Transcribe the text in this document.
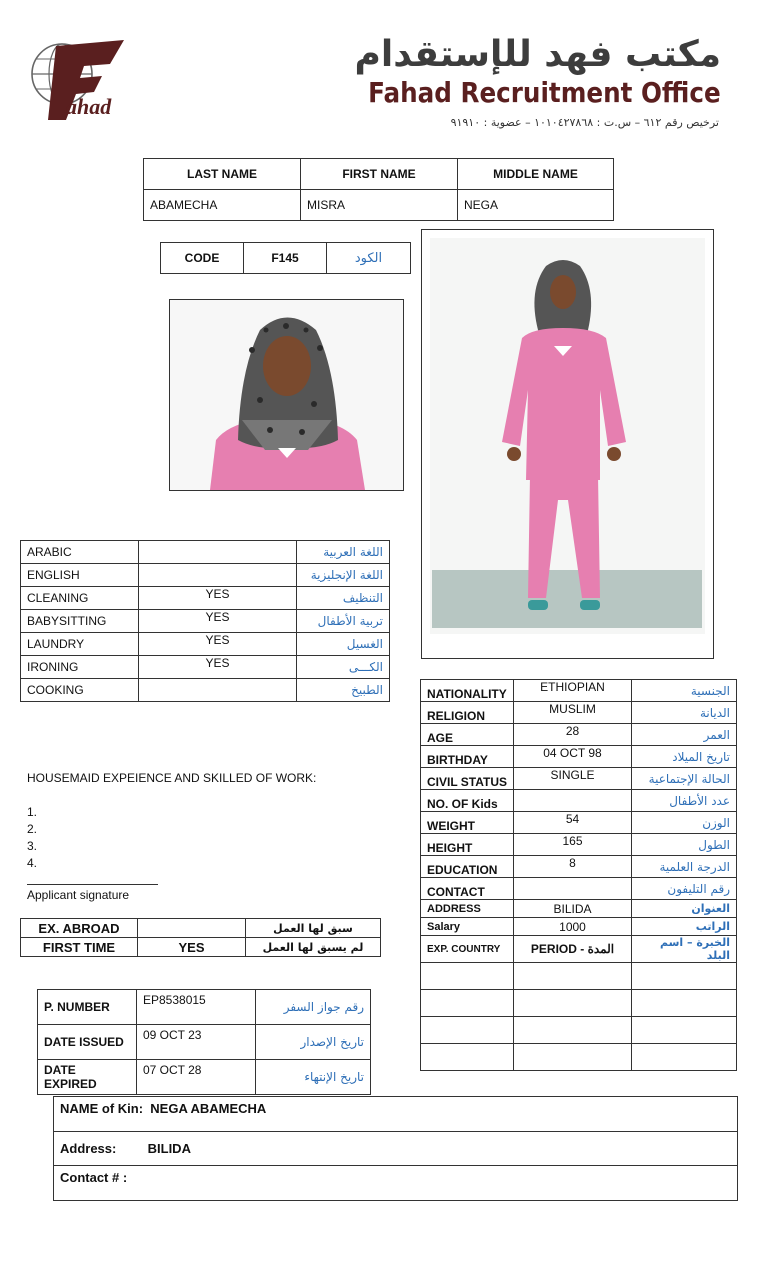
ahad
مكتب فهد للإستقدام
Fahad Recruitment Office
ترخيص رقم ٦١٢ – س.ت : ١٠١٠٤٢٧٨٦٨ – عضوية : ٩١٩١٠
LAST NAME	FIRST NAME	MIDDLE NAME
ABAMECHA	MISRA	NEGA
CODE	F145	الكود
ARABIC		اللغة العربية
ENGLISH		اللغة الإنجليزية
CLEANING	YES	التنظيف
BABYSITTING	YES	تربية الأطفال
LAUNDRY	YES	الغسيل
IRONING	YES	الكـــى
COOKING		الطبيخ
HOUSEMAID EXPEIENCE AND SKILLED OF WORK:
1.
2.
3.
4.
Applicant signature
EX. ABROAD		سبق لها العمل
FIRST TIME	YES	لم يسبق لها العمل
P. NUMBER	EP8538015	رقم جواز السفر
DATE ISSUED	09 OCT 23	تاريخ الإصدار
DATE EXPIRED	07 OCT 28	تاريخ الإنتهاء
NATIONALITY	ETHIOPIAN	الجنسية
RELIGION	MUSLIM	الديانة
AGE	28	العمر
BIRTHDAY	04 OCT 98	تاريخ الميلاد
CIVIL STATUS	SINGLE	الحالة الإجتماعية
NO. OF Kids		عدد الأطفال
WEIGHT	54	الوزن
HEIGHT	165	الطول
EDUCATION	8	الدرجة العلمية
CONTACT		رقم التليفون
ADDRESS	BILIDA	العنوان
Salary	1000	الراتب
EXP. COUNTRY	PERIOD - المدة	الخبرة – اسم البلد

NAME of Kin: NEGA ABAMECHA
Address: BILIDA
Contact # :
